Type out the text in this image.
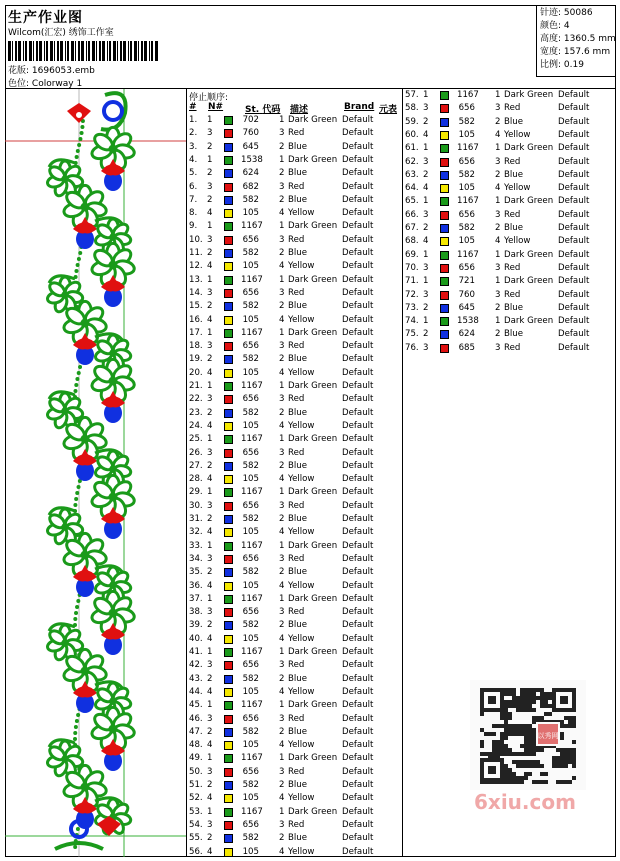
生产作业图
Wilcom(汇宏) 绣饰工作室
花版: 1696053.emb
色位: Colorway 1
针迹: 50086
颜色: 4
高度: 1360.5 mm
宽度: 157.6 mm
比例: 0.19
停止顺序:
# N# St. 代码 描述	Brand 元表
1. 1	702 1 Dark Green Default
2. 3	760 3 Red	Default
3. 2	645 2 Blue	Default
4. 1	1538 1 Dark Green Default
5. 2	624 2 Blue	Default
6. 3	682 3 Red	Default
7. 2	582 2 Blue	Default
8. 4	105 4 Yellow	Default
9. 1	1167 1 Dark Green Default
10. 3	656 3 Red	Default
11. 2	582 2 Blue	Default
12. 4	105 4 Yellow	Default
13. 1	1167 1 Dark Green Default
14. 3	656 3 Red	Default
15. 2	582 2 Blue	Default
16. 4	105 4 Yellow	Default
17. 1	1167 1 Dark Green Default
18. 3	656 3 Red	Default
19. 2	582 2 Blue	Default
20. 4	105 4 Yellow	Default
21. 1	1167 1 Dark Green Default
22. 3	656 3 Red	Default
23. 2	582 2 Blue	Default
24. 4	105 4 Yellow	Default
25. 1	1167 1 Dark Green Default
26. 3	656 3 Red	Default
27. 2	582 2 Blue	Default
28. 4	105 4 Yellow	Default
29. 1	1167 1 Dark Green Default
30. 3	656 3 Red	Default
31. 2	582 2 Blue	Default
32. 4	105 4 Yellow	Default
33. 1	1167 1 Dark Green Default
34. 3	656 3 Red	Default
35. 2	582 2 Blue	Default
36. 4	105 4 Yellow	Default
37. 1	1167 1 Dark Green Default
38. 3	656 3 Red	Default
39. 2	582 2 Blue	Default
40. 4	105 4 Yellow	Default
41. 1	1167 1 Dark Green Default
42. 3	656 3 Red	Default
43. 2	582 2 Blue	Default
44. 4	105 4 Yellow	Default
45. 1	1167 1 Dark Green Default
46. 3	656 3 Red	Default
47. 2	582 2 Blue	Default
48. 4	105 4 Yellow	Default
49. 1	1167 1 Dark Green Default
50. 3	656 3 Red	Default
51. 2	582 2 Blue	Default
52. 4	105 4 Yellow	Default
53. 1	1167 1 Dark Green Default
54. 3	656 3 Red	Default
55. 2	582 2 Blue	Default
56. 4	105 4 Yellow	Default
57. 1	1167 1 Dark Green Default
58. 3	656 3 Red	Default
59. 2	582 2 Blue	Default
60. 4	105 4 Yellow	Default
61. 1	1167 1 Dark Green Default
62. 3	656 3 Red	Default
63. 2	582 2 Blue	Default
64. 4	105 4 Yellow	Default
65. 1	1167 1 Dark Green Default
66. 3	656 3 Red	Default
67. 2	582 2 Blue	Default
68. 4	105 4 Yellow	Default
69. 1	1167 1 Dark Green Default
70. 3	656 3 Red	Default
71. 1	721 1 Dark Green Default
72. 3	760 3 Red	Default
73. 2	645 2 Blue	Default
74. 1	1538 1 Dark Green Default
75. 2	624 2 Blue	Default
76. 3	685 3 Red	Default
以秀网
6xiu.com
